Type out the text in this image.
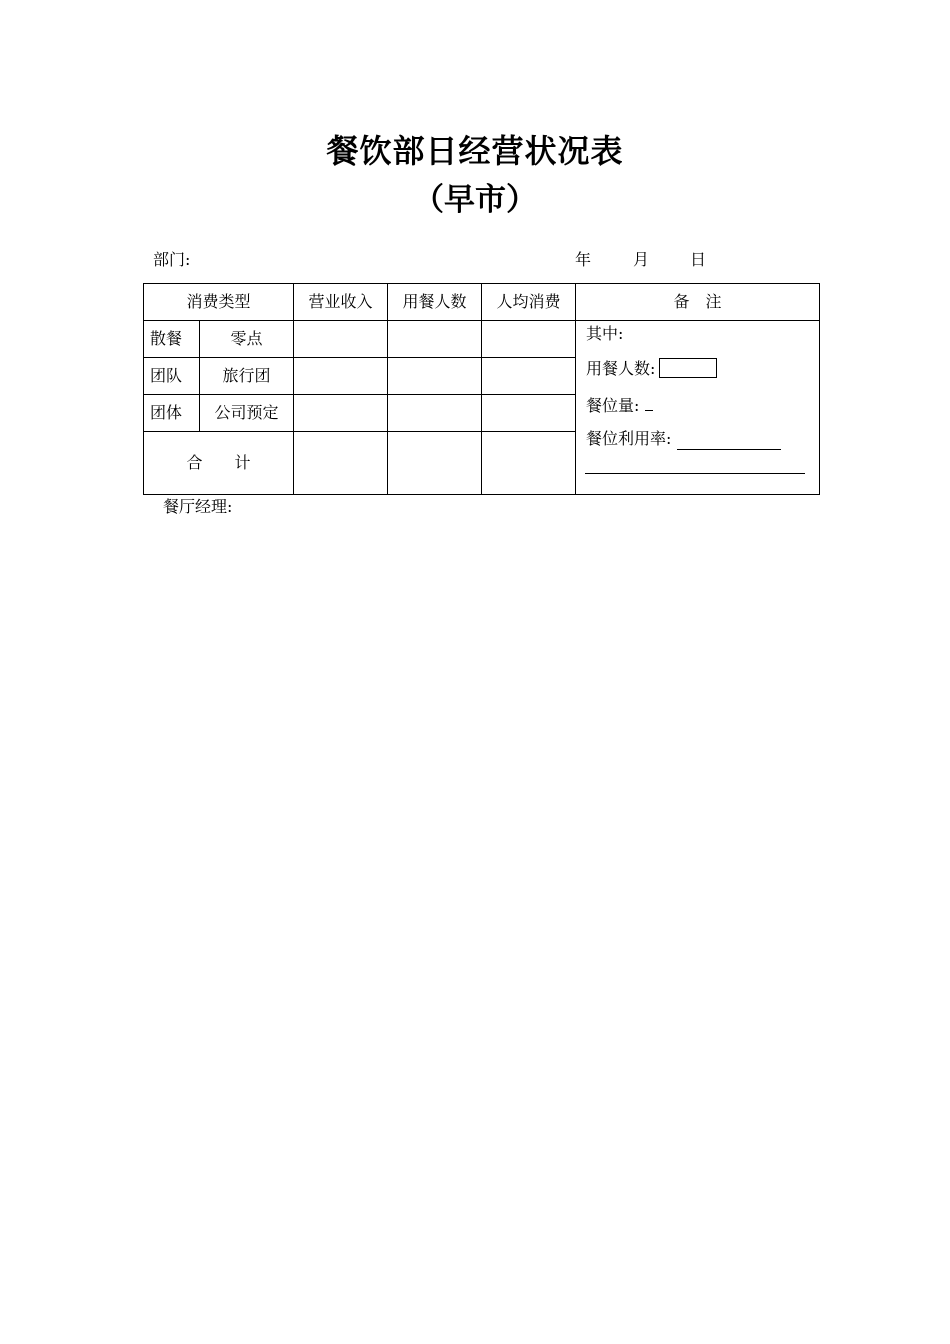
餐饮部日经营状况表
（早市）
部门:	年	月	日
消费类型		营业收入	用餐人数	人均消费	备　注
散餐	零点				其中:
用餐人数:
餐位量:
餐位利用率:

团队	旅行团				
团体	公司预定				
合　　计					
餐厅经理:
